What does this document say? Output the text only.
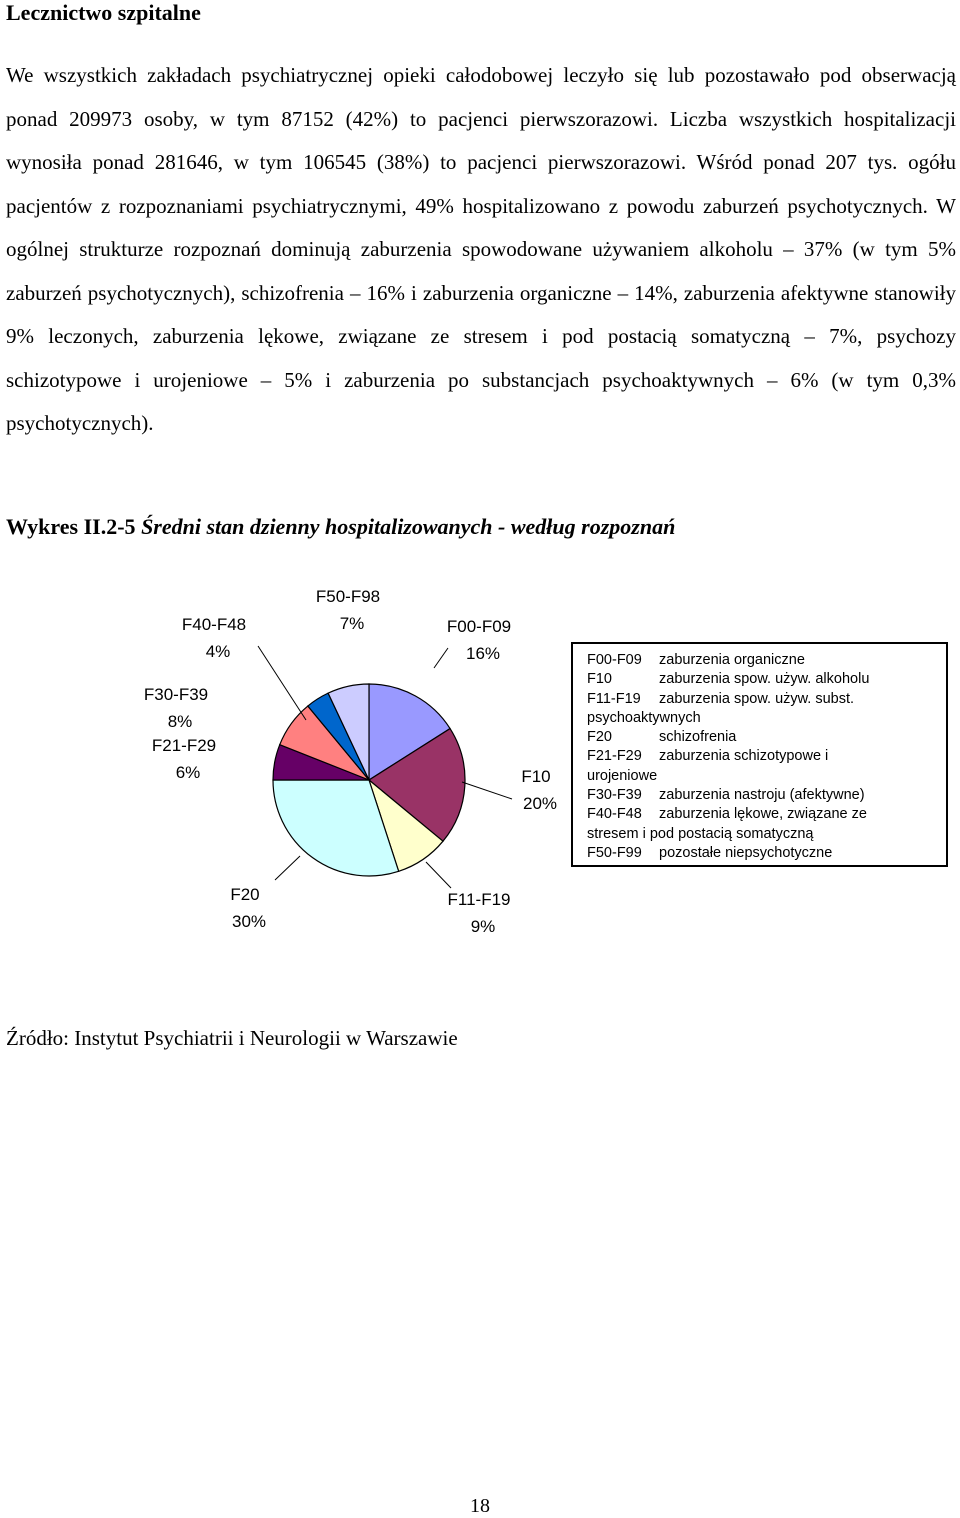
Lecznictwo szpitalne

We wszystkich zakładach psychiatrycznej opieki całodobowej leczyło się lub pozostawało pod obserwacją ponad 209973 osoby, w tym 87152 (42%) to pacjenci pierwszorazowi. Liczba wszystkich hospitalizacji wynosiła ponad 281646, w tym 106545 (38%) to pacjenci pierwszorazowi. Wśród ponad 207 tys. ogółu pacjentów z rozpoznaniami psychiatrycznymi, 49% hospitalizowano z powodu zaburzeń psychotycznych. W ogólnej strukturze rozpoznań dominują zaburzenia spowodowane używaniem alkoholu – 37% (w tym 5% zaburzeń psychotycznych), schizofrenia – 16% i zaburzenia organiczne – 14%, zaburzenia afektywne stanowiły 9% leczonych, zaburzenia lękowe, związane ze stresem i pod postacią somatyczną – 7%, psychozy schizotypowe i urojeniowe – 5% i zaburzenia po substancjach psychoaktywnych – 6% (w tym 0,3% psychotycznych).

Wykres II.2-5 Średni stan dzienny hospitalizowanych - według rozpoznań
F00-F09
16%
F10
20%
F11-F19
9%
F20
30%
F21-F29
6%
F30-F39
8%
F40-F48
4%
F50-F98
7%
F00-F09 zaburzenia organiczne
F10	zaburzenia spow. używ. alkoholu
F11-F19 zaburzenia spow. używ. subst.
psychoaktywnych
F20	schizofrenia
F21-F29 zaburzenia schizotypowe i
urojeniowe
F30-F39 zaburzenia nastroju (afektywne)
F40-F48 zaburzenia lękowe, związane ze
stresem i pod postacią somatyczną
F50-F99 pozostałe niepsychotyczne
Źródło: Instytut Psychiatrii i Neurologii w Warszawie
18
